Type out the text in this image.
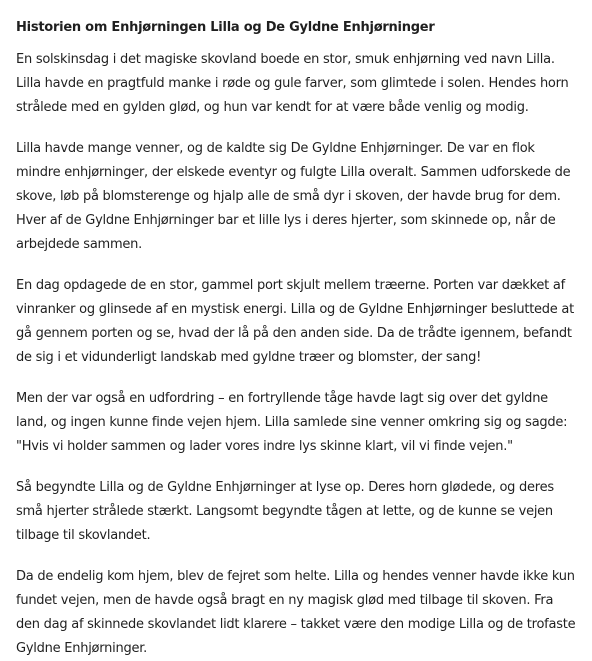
Historien om Enhjørningen Lilla og De Gyldne Enhjørninger

En solskinsdag i det magiske skovland boede en stor, smuk enhjørning ved navn Lilla. Lilla havde en pragtfuld manke i røde og gule farver, som glimtede i solen. Hendes horn strålede med en gylden glød, og hun var kendt for at være både venlig og modig.

Lilla havde mange venner, og de kaldte sig De Gyldne Enhjørninger. De var en flok mindre enhjørninger, der elskede eventyr og fulgte Lilla overalt. Sammen udforskede de skove, løb på blomsterenge og hjalp alle de små dyr i skoven, der havde brug for dem. Hver af de Gyldne Enhjørninger bar et lille lys i deres hjerter, som skinnede op, når de arbejdede sammen.

En dag opdagede de en stor, gammel port skjult mellem træerne. Porten var dækket af vinranker og glinsede af en mystisk energi. Lilla og de Gyldne Enhjørninger besluttede at gå gennem porten og se, hvad der lå på den anden side. Da de trådte igennem, befandt de sig i et vidunderligt landskab med gyldne træer og blomster, der sang!

Men der var også en udfordring – en fortryllende tåge havde lagt sig over det gyldne land, og ingen kunne finde vejen hjem. Lilla samlede sine venner omkring sig og sagde: "Hvis vi holder sammen og lader vores indre lys skinne klart, vil vi finde vejen."

Så begyndte Lilla og de Gyldne Enhjørninger at lyse op. Deres horn glødede, og deres små hjerter strålede stærkt. Langsomt begyndte tågen at lette, og de kunne se vejen tilbage til skovlandet.

Da de endelig kom hjem, blev de fejret som helte. Lilla og hendes venner havde ikke kun fundet vejen, men de havde også bragt en ny magisk glød med tilbage til skoven. Fra den dag af skinnede skovlandet lidt klarere – takket være den modige Lilla og de trofaste Gyldne Enhjørninger.
